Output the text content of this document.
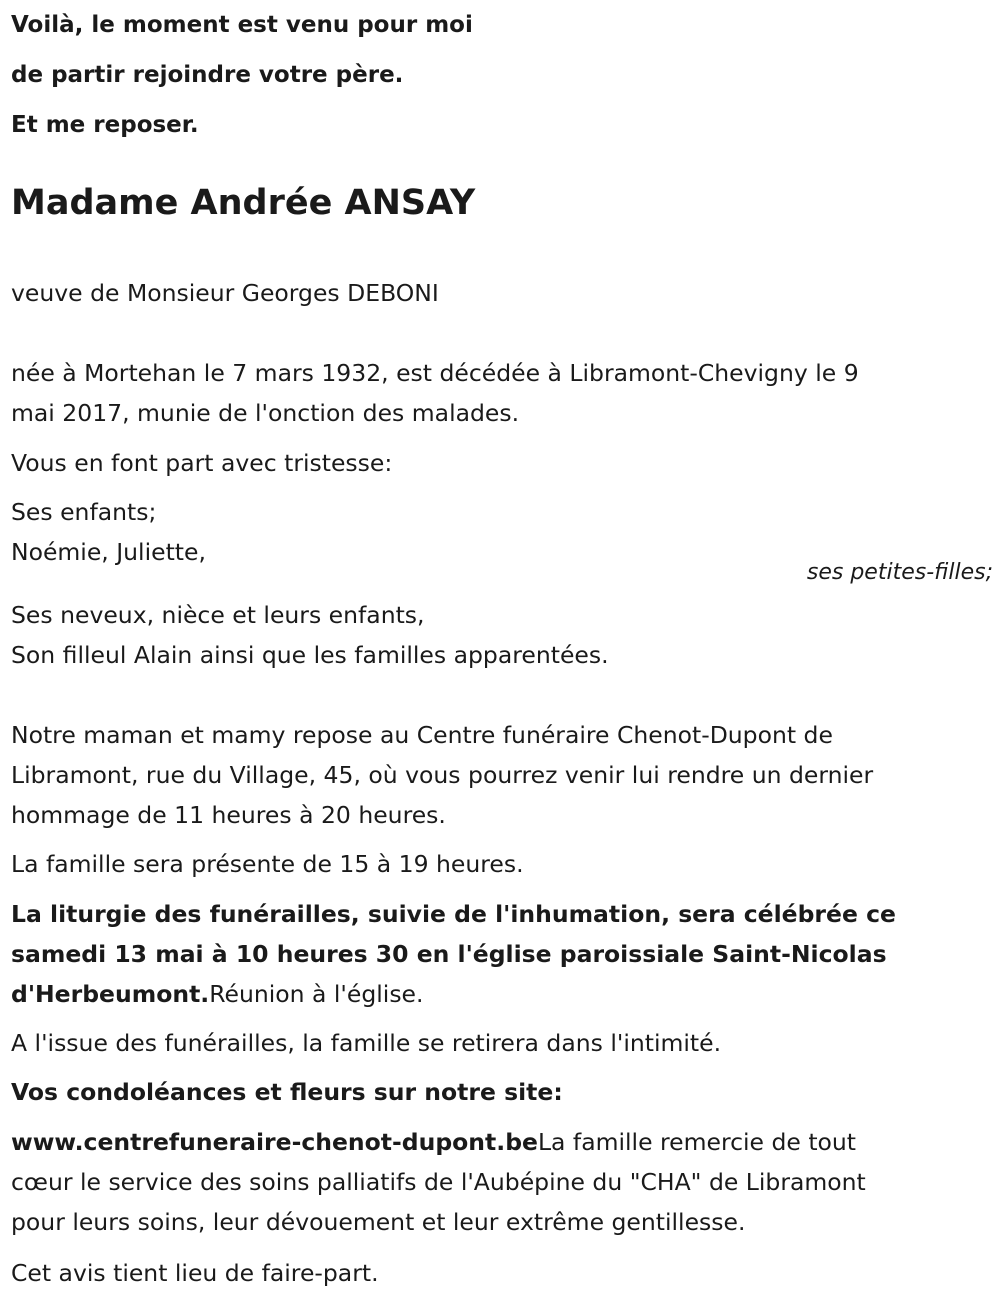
Voilà, le moment est venu pour moi
de partir rejoindre votre père.
Et me reposer.
Madame Andrée ANSAY

veuve de Monsieur Georges DEBONI

née à Mortehan le 7 mars 1932, est décédée à Libramont-Chevigny le 9
mai 2017, munie de l'onction des malades.

Vous en font part avec tristesse:

Ses enfants;
Noémie, Juliette,

ses petites-filles;

Ses neveux, nièce et leurs enfants,
Son filleul Alain ainsi que les familles apparentées.

Notre maman et mamy repose au Centre funéraire Chenot-Dupont de
Libramont, rue du Village, 45, où vous pourrez venir lui rendre un dernier
hommage de 11 heures à 20 heures.

La famille sera présente de 15 à 19 heures.

La liturgie des funérailles, suivie de l'inhumation, sera célébrée ce
samedi 13 mai à 10 heures 30 en l'église paroissiale Saint-Nicolas
d'Herbeumont.Réunion à l'église.

A l'issue des funérailles, la famille se retirera dans l'intimité.

Vos condoléances et fleurs sur notre site:

www.centrefuneraire-chenot-dupont.beLa famille remercie de tout
cœur le service des soins palliatifs de l'Aubépine du "CHA" de Libramont
pour leurs soins, leur dévouement et leur extrême gentillesse.

Cet avis tient lieu de faire-part.
